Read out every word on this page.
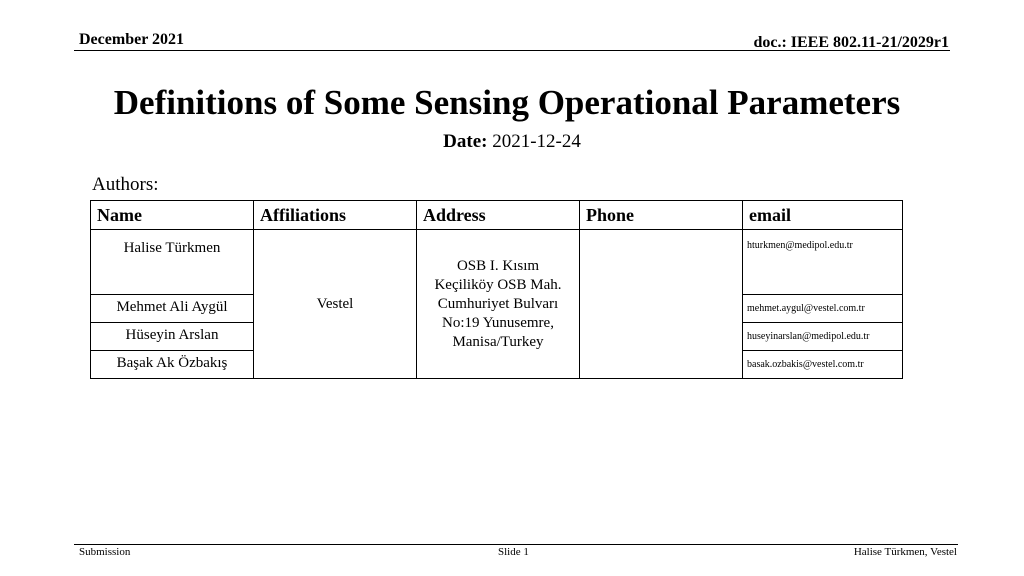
December 2021	doc.: IEEE 802.11-21/2029r1
Definitions of Some Sensing Operational Parameters
Date: 2021-12-24
Authors:
Name	Affiliations	Address	Phone	email
Halise Türkmen	Vestel	OSB I. Kısım
Keçiliköy OSB Mah.
Cumhuriyet Bulvarı
No:19 Yunusemre,
Manisa/Turkey		hturkmen@medipol.edu.tr
Mehmet Ali Aygül				mehmet.aygul@vestel.com.tr
Hüseyin Arslan				huseyinarslan@medipol.edu.tr
Başak Ak Özbakış				basak.ozbakis@vestel.com.tr
Submission	Slide 1	Halise Türkmen, Vestel
